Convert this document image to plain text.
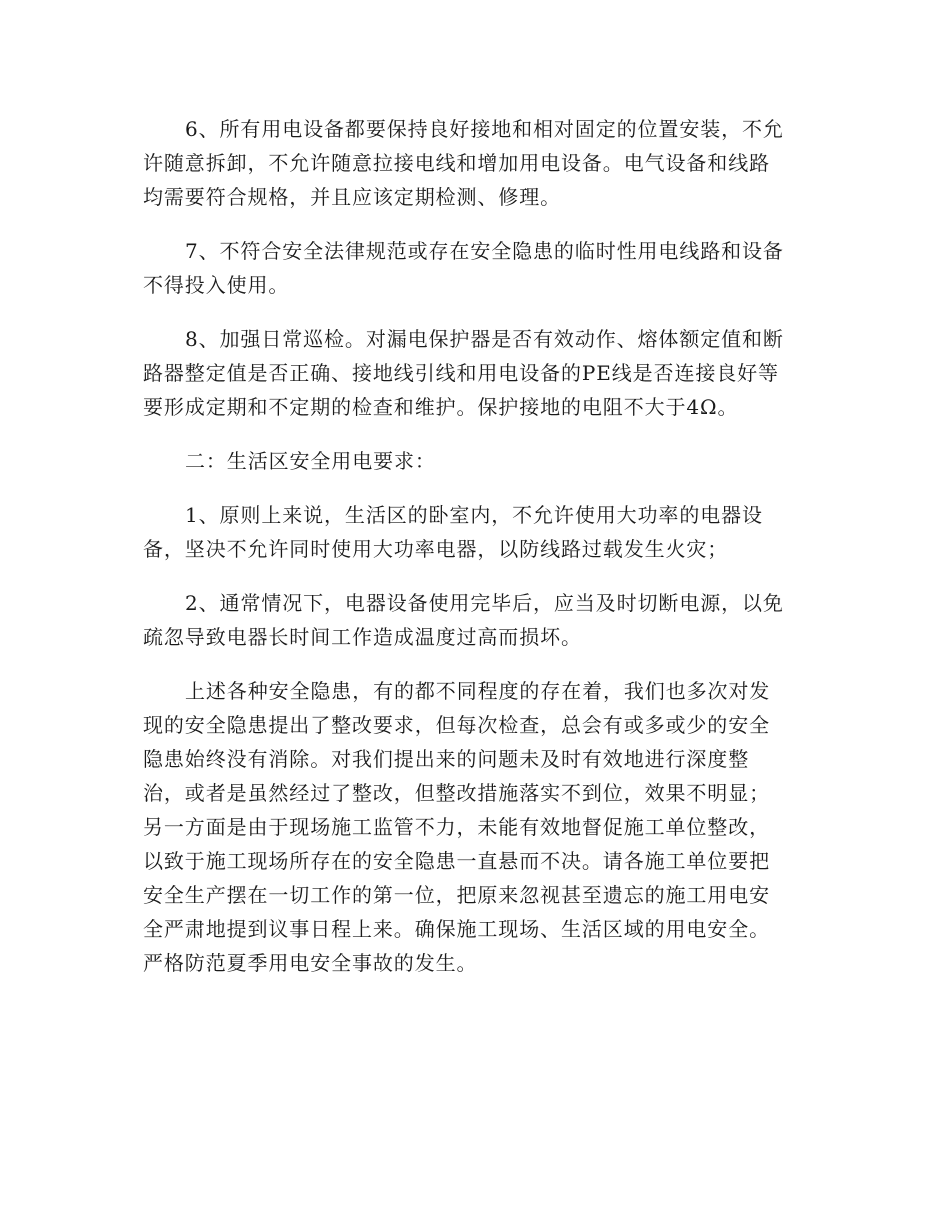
6、所有用电设备都要保持良好接地和相对固定的位置安装，不允
许随意拆卸，不允许随意拉接电线和增加用电设备。电气设备和线路
均需要符合规格，并且应该定期检测、修理。
7、不符合安全法律规范或存在安全隐患的临时性用电线路和设备
不得投入使用。
8、加强日常巡检。对漏电保护器是否有效动作、熔体额定值和断
路器整定值是否正确、接地线引线和用电设备的PE线是否连接良好等
要形成定期和不定期的检查和维护。保护接地的电阻不大于4Ω。
二：生活区安全用电要求：
1、原则上来说，生活区的卧室内，不允许使用大功率的电器设
备，坚决不允许同时使用大功率电器，以防线路过载发生火灾；
2、通常情况下，电器设备使用完毕后，应当及时切断电源，以免
疏忽导致电器长时间工作造成温度过高而损坏。
上述各种安全隐患，有的都不同程度的存在着，我们也多次对发
现的安全隐患提出了整改要求，但每次检查，总会有或多或少的安全
隐患始终没有消除。对我们提出来的问题未及时有效地进行深度整
治，或者是虽然经过了整改，但整改措施落实不到位，效果不明显；
另一方面是由于现场施工监管不力，未能有效地督促施工单位整改，
以致于施工现场所存在的安全隐患一直悬而不决。请各施工单位要把
安全生产摆在一切工作的第一位，把原来忽视甚至遗忘的施工用电安
全严肃地提到议事日程上来。确保施工现场、生活区域的用电安全。
严格防范夏季用电安全事故的发生。
